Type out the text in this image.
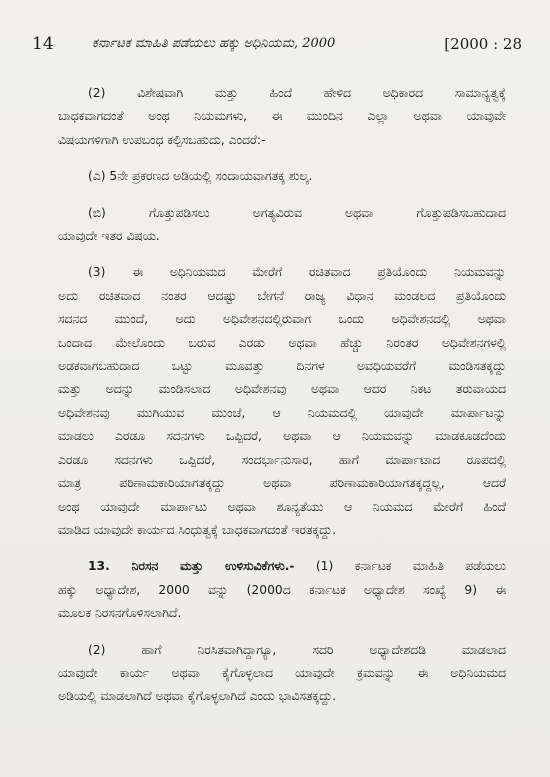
14	ಕರ್ನಾಟಕ ಮಾಹಿತಿ ಪಡೆಯಲು ಹಕ್ಕು ಅಧಿನಿಯಮ, 2000	[2000 : 28

(2) ವಿಶೇಷವಾಗಿ ಮತ್ತು ಹಿಂದೆ ಹೇಳಿದ ಅಧಿಕಾರದ ಸಾಮಾನ್ಯತ್ವಕ್ಕೆ
ಬಾಧಕವಾಗದಂತೆ ಅಂಥ ನಿಯಮಗಳು, ಈ ಮುಂದಿನ ಎಲ್ಲಾ ಅಥವಾ ಯಾವುವೇ
ವಿಷಯಗಳಿಗಾಗಿ ಉಪಬಂಧ ಕಲ್ಪಿಸಬಹುದು, ಎಂದರೆ:-

(ಎ) 5ನೇ ಪ್ರಕರಣದ ಅಡಿಯಲ್ಲಿ ಸಂದಾಯವಾಗತಕ್ಕ ಶುಲ್ಕ.

(ಬಿ) ಗೊತ್ತುಪಡಿಸಲು ಅಗತ್ಯವಿರುವ ಅಥವಾ ಗೊತ್ತುಪಡಿಸಬಹುದಾದ
ಯಾವುದೇ ಇತರ ವಿಷಯ.

(3) ಈ ಅಧಿನಿಯಮದ ಮೇರೆಗೆ ರಚಿತವಾದ ಪ್ರತಿಯೊಂದು ನಿಯಮವನ್ನು
ಅದು ರಚಿತವಾದ ನಂತರ ಆದಷ್ಟು ಬೇಗನೆ ರಾಜ್ಯ ವಿಧಾನ ಮಂಡಲದ ಪ್ರತಿಯೊಂದು
ಸದನದ ಮುಂದೆ, ಅದು ಅಧಿವೇಶನದಲ್ಲಿರುವಾಗ ಒಂದು ಅಧಿವೇಶನದಲ್ಲಿ ಅಥವಾ
ಒಂದಾದ ಮೇಲೊಂದು ಬರುವ ಎರಡು ಅಥವಾ ಹೆಚ್ಚು ನಿರಂತರ ಅಧಿವೇಶನಗಳಲ್ಲಿ
ಅಡಕವಾಗಬಹುದಾದ ಒಟ್ಟು ಮೂವತ್ತು ದಿನಗಳ ಅವಧಿಯವರೆಗೆ ಮಂಡಿಸತಕ್ಕದ್ದು
ಮತ್ತು ಅದನ್ನು ಮಂಡಿಸಲಾದ ಅಧಿವೇಶನವು ಅಥವಾ ಆದರ ನಿಕಟ ತರುವಾಯದ
ಅಧಿವೇಶನವು ಮುಗಿಯುವ ಮುಂಚೆ, ಆ ನಿಯಮದಲ್ಲಿ ಯಾವುದೇ ಮಾರ್ಪಾಟನ್ನು
ಮಾಡಲು ಎರಡೂ ಸದನಗಳು ಒಪ್ಪಿದರೆ, ಅಥವಾ ಆ ನಿಯಮವನ್ನು ಮಾಡಕೂಡದೆಂದು
ಎರಡೂ ಸದನಗಳು ಒಪ್ಪಿದರೆ, ಸಂದರ್ಭಾನುಸಾರ, ಹಾಗೆ ಮಾರ್ಪಾಟಾದ ರೂಪದಲ್ಲಿ
ಮಾತ್ರ ಪರಿಣಾಮಕಾರಿಯಾಗತಕ್ಕದ್ದು ಅಥವಾ ಪರಿಣಾಮಕಾರಿಯಾಗತಕ್ಕದ್ದಲ್ಲ, ಆದರೆ
ಅಂಥ ಯಾವುದೇ ಮಾರ್ಪಾಟು ಅಥವಾ ಶೂನ್ಯತೆಯು ಆ ನಿಯಮದ ಮೇರೆಗೆ ಹಿಂದೆ
ಮಾಡಿದ ಯಾವುದೇ ಕಾರ್ಯದ ಸಿಂಧುತ್ವಕ್ಕೆ ಬಾಧಕವಾಗದಂತೆ ಇರತಕ್ಕದ್ದು.

13. ನಿರಸನ ಮತ್ತು ಉಳಿಸುವಿಕೆಗಳು.- (1) ಕರ್ನಾಟಕ ಮಾಹಿತಿ ಪಡೆಯಲು
ಹಕ್ಕು ಅಧ್ಯಾದೇಶ, 2000 ವನ್ನು (2000ದ ಕರ್ನಾಟಕ ಅಧ್ಯಾದೇಶ ಸಂಖ್ಯೆ 9) ಈ
ಮೂಲಕ ನಿರಸನಗೊಳಿಸಲಾಗಿದೆ.

(2) ಹಾಗೆ ನಿರಸಿತವಾಗಿದ್ದಾಗ್ಯೂ, ಸದರಿ ಅಧ್ಯಾದೇಶದಡಿ ಮಾಡಲಾದ
ಯಾವುದೇ ಕಾರ್ಯ ಅಥವಾ ಕೈಗೊಳ್ಳಲಾದ ಯಾವುದೇ ಕ್ರಮವನ್ನು ಈ ಅಧಿನಿಯಮದ
ಅಡಿಯಲ್ಲಿ ಮಾಡಲಾಗಿದೆ ಅಥವಾ ಕೈಗೊಳ್ಳಲಾಗಿದೆ ಎಂದು ಭಾವಿಸತಕ್ಕದ್ದು.
